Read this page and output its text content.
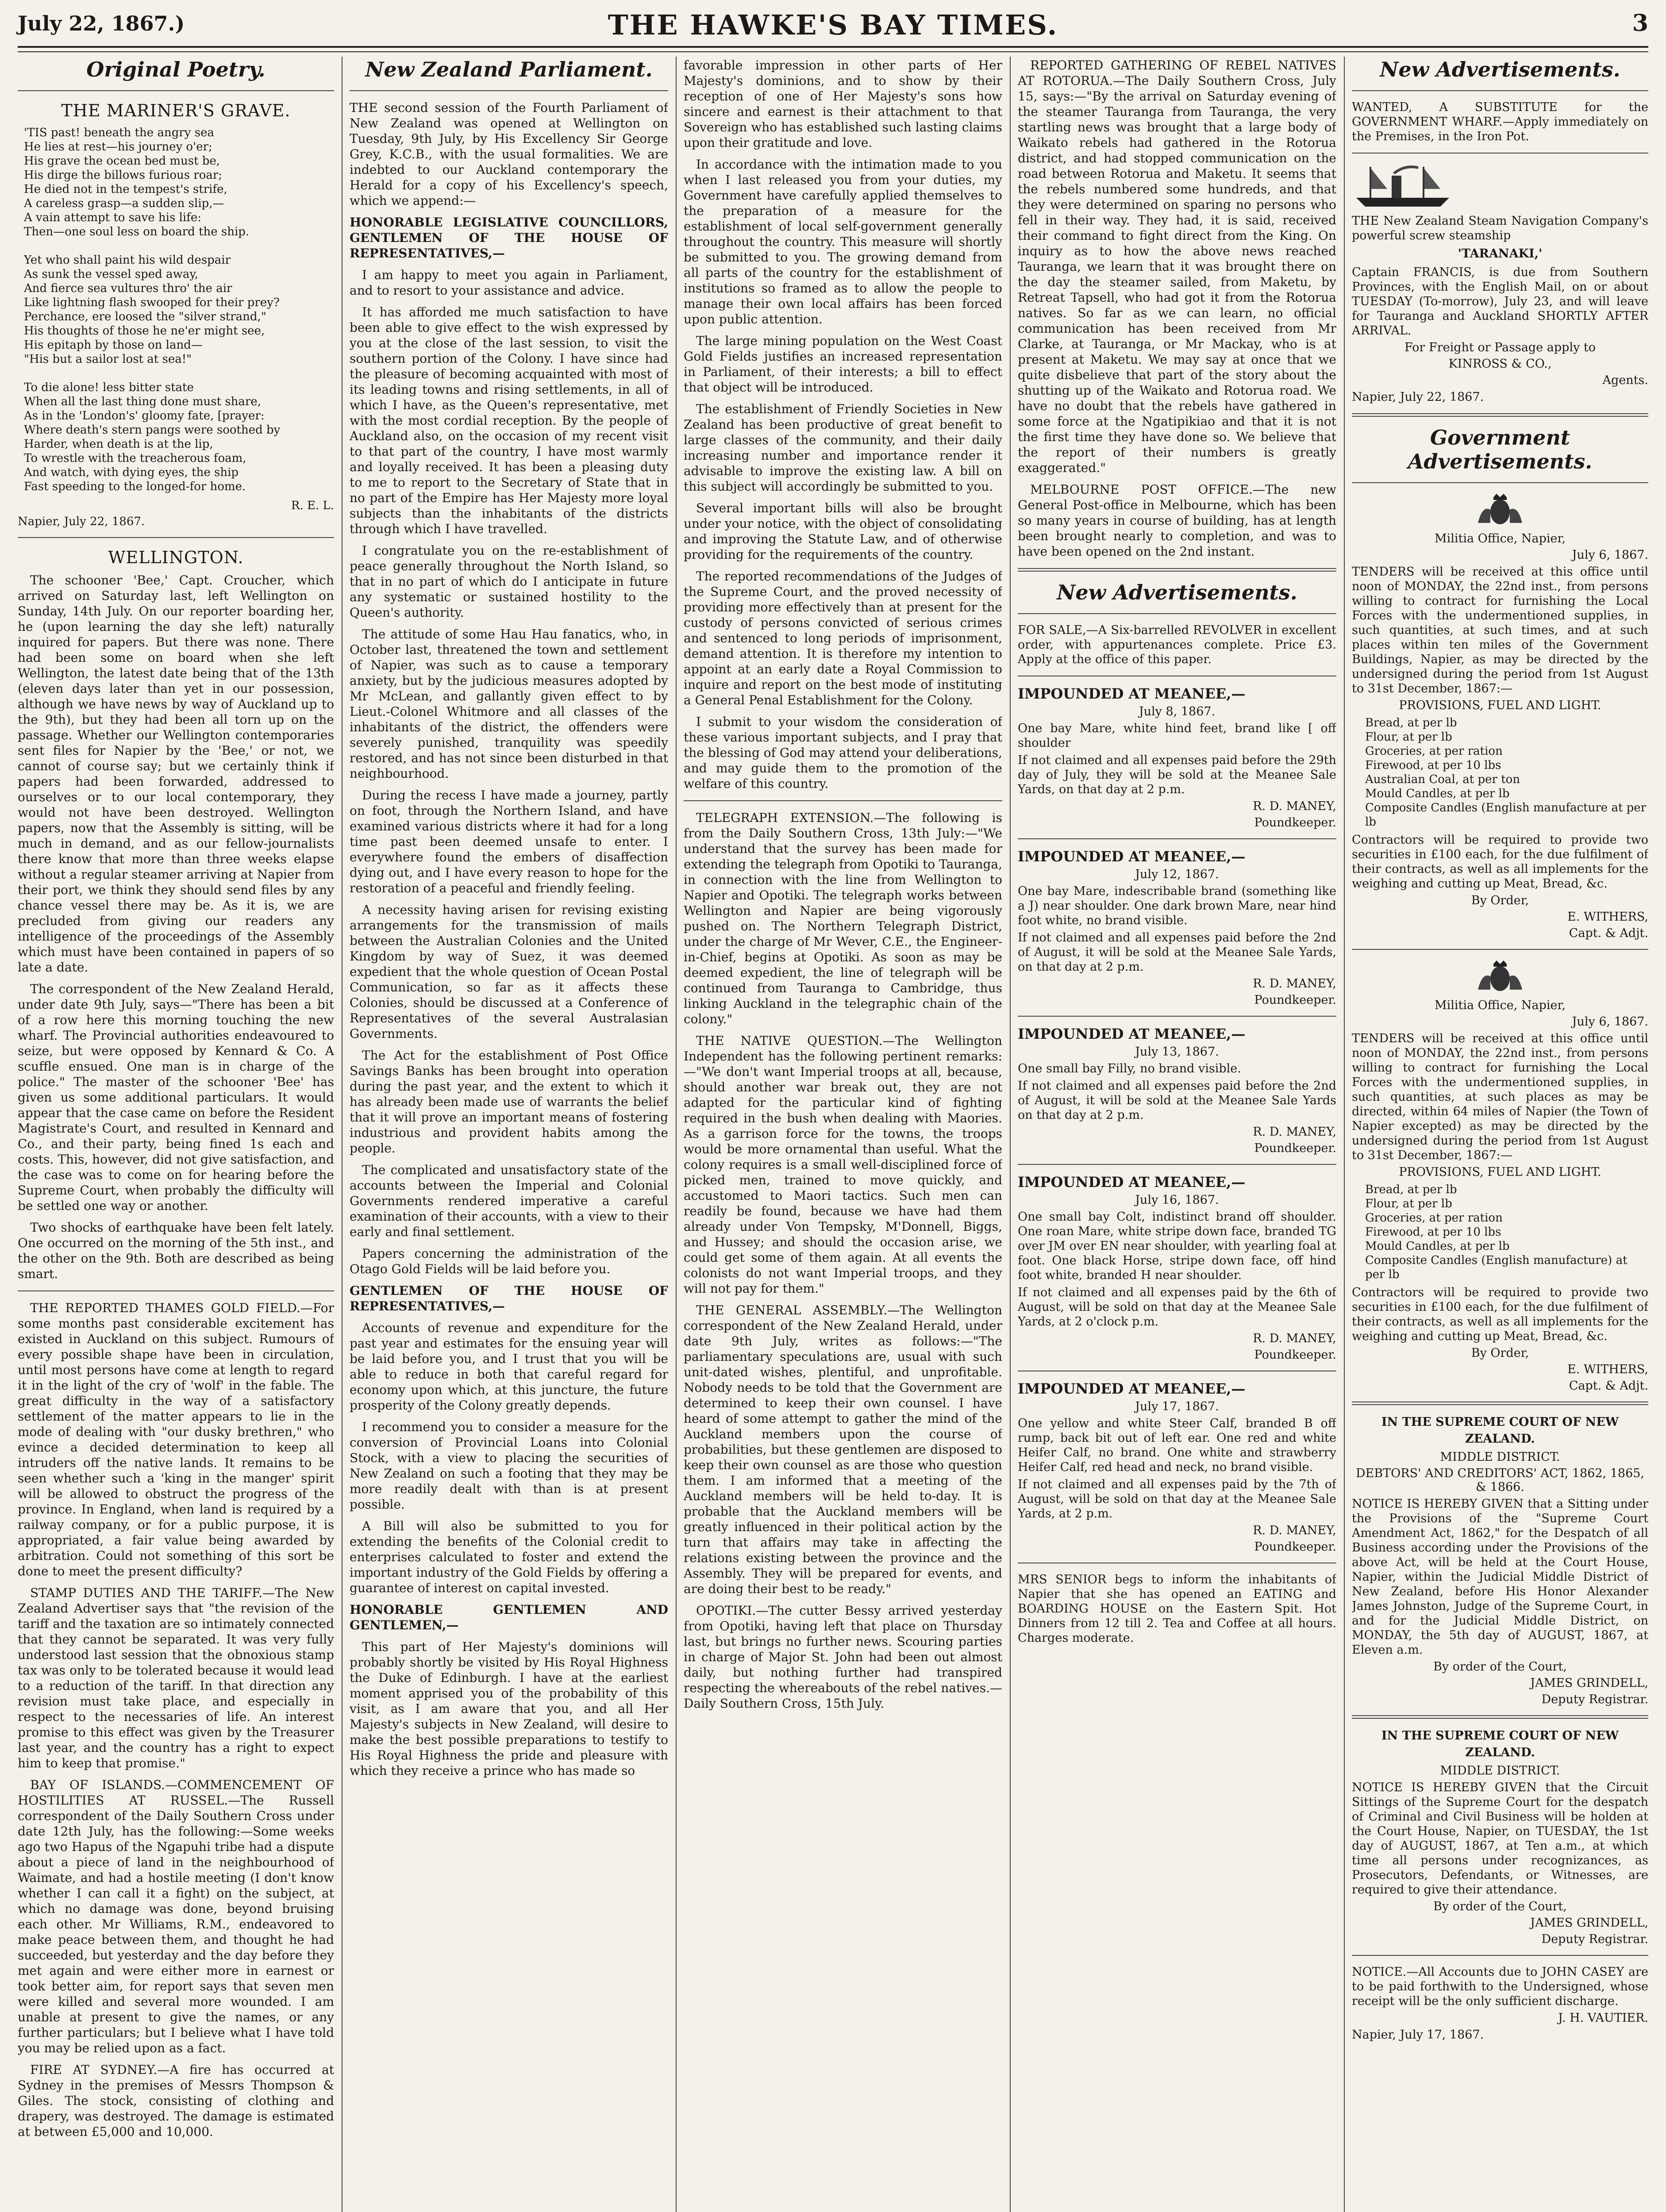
July 22, 1867.)	THE HAWKE'S BAY TIMES.	3
Original Poetry.
THE MARINER'S GRAVE.
'TIS past! beneath the angry sea
He lies at rest—his journey o'er;
His grave the ocean bed must be,
His dirge the billows furious roar;
He died not in the tempest's strife,
A careless grasp—a sudden slip,—
A vain attempt to save his life:
Then—one soul less on board the ship.

Yet who shall paint his wild despair
As sunk the vessel sped away,
And fierce sea vultures thro' the air
Like lightning flash swooped for their prey?
Perchance, ere loosed the "silver strand,"
His thoughts of those he ne'er might see,
His epitaph by those on land—
"His but a sailor lost at sea!"

To die alone! less bitter state
When all the last thing done must share,
As in the 'London's' gloomy fate, [prayer:
Where death's stern pangs were soothed by
Harder, when death is at the lip,
To wrestle with the treacherous foam,
And watch, with dying eyes, the ship
Fast speeding to the longed-for home.
R. E. L.
Napier, July 22, 1867.
WELLINGTON.

The schooner 'Bee,' Capt. Croucher, which arrived on Saturday last, left Wellington on Sunday, 14th July. On our reporter boarding her, he (upon learning the day she left) naturally inquired for papers. But there was none. There had been some on board when she left Wellington, the latest date being that of the 13th (eleven days later than yet in our possession, although we have news by way of Auckland up to the 9th), but they had been all torn up on the passage. Whether our Wellington contemporaries sent files for Napier by the 'Bee,' or not, we cannot of course say; but we certainly think if papers had been forwarded, addressed to ourselves or to our local contemporary, they would not have been destroyed. Wellington papers, now that the Assembly is sitting, will be much in demand, and as our fellow-journalists there know that more than three weeks elapse without a regular steamer arriving at Napier from their port, we think they should send files by any chance vessel there may be. As it is, we are precluded from giving our readers any intelligence of the proceedings of the Assembly which must have been contained in papers of so late a date.

The correspondent of the New Zealand Herald, under date 9th July, says—"There has been a bit of a row here this morning touching the new wharf. The Provincial authorities endeavoured to seize, but were opposed by Kennard & Co. A scuffle ensued. One man is in charge of the police." The master of the schooner 'Bee' has given us some additional particulars. It would appear that the case came on before the Resident Magistrate's Court, and resulted in Kennard and Co., and their party, being fined 1s each and costs. This, however, did not give satisfaction, and the case was to come on for hearing before the Supreme Court, when probably the difficulty will be settled one way or another.

Two shocks of earthquake have been felt lately. One occurred on the morning of the 5th inst., and the other on the 9th. Both are described as being smart.

THE REPORTED THAMES GOLD FIELD.—For some months past considerable excitement has existed in Auckland on this subject. Rumours of every possible shape have been in circulation, until most persons have come at length to regard it in the light of the cry of 'wolf' in the fable. The great difficulty in the way of a satisfactory settlement of the matter appears to lie in the mode of dealing with "our dusky brethren," who evince a decided determination to keep all intruders off the native lands. It remains to be seen whether such a 'king in the manger' spirit will be allowed to obstruct the progress of the province. In England, when land is required by a railway company, or for a public purpose, it is appropriated, a fair value being awarded by arbitration. Could not something of this sort be done to meet the present difficulty?

STAMP DUTIES AND THE TARIFF.—The New Zealand Advertiser says that "the revision of the tariff and the taxation are so intimately connected that they cannot be separated. It was very fully understood last session that the obnoxious stamp tax was only to be tolerated because it would lead to a reduction of the tariff. In that direction any revision must take place, and especially in respect to the necessaries of life. An interest promise to this effect was given by the Treasurer last year, and the country has a right to expect him to keep that promise."

BAY OF ISLANDS.—COMMENCEMENT OF HOSTILITIES AT RUSSEL.—The Russell correspondent of the Daily Southern Cross under date 12th July, has the following:—Some weeks ago two Hapus of the Ngapuhi tribe had a dispute about a piece of land in the neighbourhood of Waimate, and had a hostile meeting (I don't know whether I can call it a fight) on the subject, at which no damage was done, beyond bruising each other. Mr Williams, R.M., endeavored to make peace between them, and thought he had succeeded, but yesterday and the day before they met again and were either more in earnest or took better aim, for report says that seven men were killed and several more wounded. I am unable at present to give the names, or any further particulars; but I believe what I have told you may be relied upon as a fact.

FIRE AT SYDNEY.—A fire has occurred at Sydney in the premises of Messrs Thompson & Giles. The stock, consisting of clothing and drapery, was destroyed. The damage is estimated at between £5,000 and 10,000.

New Zealand Parliament.

THE second session of the Fourth Parliament of New Zealand was opened at Wellington on Tuesday, 9th July, by His Excellency Sir George Grey, K.C.B., with the usual formalities. We are indebted to our Auckland contemporary the Herald for a copy of his Excellency's speech, which we append:—

HONORABLE LEGISLATIVE COUNCILLORS, GENTLEMEN OF THE HOUSE OF REPRESENTATIVES,—

I am happy to meet you again in Parliament, and to resort to your assistance and advice.

It has afforded me much satisfaction to have been able to give effect to the wish expressed by you at the close of the last session, to visit the southern portion of the Colony. I have since had the pleasure of becoming acquainted with most of its leading towns and rising settlements, in all of which I have, as the Queen's representative, met with the most cordial reception. By the people of Auckland also, on the occasion of my recent visit to that part of the country, I have most warmly and loyally received. It has been a pleasing duty to me to report to the Secretary of State that in no part of the Empire has Her Majesty more loyal subjects than the inhabitants of the districts through which I have travelled.

I congratulate you on the re-establishment of peace generally throughout the North Island, so that in no part of which do I anticipate in future any systematic or sustained hostility to the Queen's authority.

The attitude of some Hau Hau fanatics, who, in October last, threatened the town and settlement of Napier, was such as to cause a temporary anxiety, but by the judicious measures adopted by Mr McLean, and gallantly given effect to by Lieut.-Colonel Whitmore and all classes of the inhabitants of the district, the offenders were severely punished, tranquility was speedily restored, and has not since been disturbed in that neighbourhood.

During the recess I have made a journey, partly on foot, through the Northern Island, and have examined various districts where it had for a long time past been deemed unsafe to enter. I everywhere found the embers of disaffection dying out, and I have every reason to hope for the restoration of a peaceful and friendly feeling.

A necessity having arisen for revising existing arrangements for the transmission of mails between the Australian Colonies and the United Kingdom by way of Suez, it was deemed expedient that the whole question of Ocean Postal Communication, so far as it affects these Colonies, should be discussed at a Conference of Representatives of the several Australasian Governments.

The Act for the establishment of Post Office Savings Banks has been brought into operation during the past year, and the extent to which it has already been made use of warrants the belief that it will prove an important means of fostering industrious and provident habits among the people.

The complicated and unsatisfactory state of the accounts between the Imperial and Colonial Governments rendered imperative a careful examination of their accounts, with a view to their early and final settlement.

Papers concerning the administration of the Otago Gold Fields will be laid before you.

GENTLEMEN OF THE HOUSE OF REPRESENTATIVES,—

Accounts of revenue and expenditure for the past year and estimates for the ensuing year will be laid before you, and I trust that you will be able to reduce in both that careful regard for economy upon which, at this juncture, the future prosperity of the Colony greatly depends.

I recommend you to consider a measure for the conversion of Provincial Loans into Colonial Stock, with a view to placing the securities of New Zealand on such a footing that they may be more readily dealt with than is at present possible.

A Bill will also be submitted to you for extending the benefits of the Colonial credit to enterprises calculated to foster and extend the important industry of the Gold Fields by offering a guarantee of interest on capital invested.

HONORABLE GENTLEMEN AND GENTLEMEN,—

This part of Her Majesty's dominions will probably shortly be visited by His Royal Highness the Duke of Edinburgh. I have at the earliest moment apprised you of the probability of this visit, as I am aware that you, and all Her Majesty's subjects in New Zealand, will desire to make the best possible preparations to testify to His Royal Highness the pride and pleasure with which they receive a prince who has made so

favorable impression in other parts of Her Majesty's dominions, and to show by their reception of one of Her Majesty's sons how sincere and earnest is their attachment to that Sovereign who has established such lasting claims upon their gratitude and love.

In accordance with the intimation made to you when I last released you from your duties, my Government have carefully applied themselves to the preparation of a measure for the establishment of local self-government generally throughout the country. This measure will shortly be submitted to you. The growing demand from all parts of the country for the establishment of institutions so framed as to allow the people to manage their own local affairs has been forced upon public attention.

The large mining population on the West Coast Gold Fields justifies an increased representation in Parliament, of their interests; a bill to effect that object will be introduced.

The establishment of Friendly Societies in New Zealand has been productive of great benefit to large classes of the community, and their daily increasing number and importance render it advisable to improve the existing law. A bill on this subject will accordingly be submitted to you.

Several important bills will also be brought under your notice, with the object of consolidating and improving the Statute Law, and of otherwise providing for the requirements of the country.

The reported recommendations of the Judges of the Supreme Court, and the proved necessity of providing more effectively than at present for the custody of persons convicted of serious crimes and sentenced to long periods of imprisonment, demand attention. It is therefore my intention to appoint at an early date a Royal Commission to inquire and report on the best mode of instituting a General Penal Establishment for the Colony.

I submit to your wisdom the consideration of these various important subjects, and I pray that the blessing of God may attend your deliberations, and may guide them to the promotion of the welfare of this country.

TELEGRAPH EXTENSION.—The following is from the Daily Southern Cross, 13th July:—"We understand that the survey has been made for extending the telegraph from Opotiki to Tauranga, in connection with the line from Wellington to Napier and Opotiki. The telegraph works between Wellington and Napier are being vigorously pushed on. The Northern Telegraph District, under the charge of Mr Wever, C.E., the Engineer-in-Chief, begins at Opotiki. As soon as may be deemed expedient, the line of telegraph will be continued from Tauranga to Cambridge, thus linking Auckland in the telegraphic chain of the colony."

THE NATIVE QUESTION.—The Wellington Independent has the following pertinent remarks:—"We don't want Imperial troops at all, because, should another war break out, they are not adapted for the particular kind of fighting required in the bush when dealing with Maories. As a garrison force for the towns, the troops would be more ornamental than useful. What the colony requires is a small well-disciplined force of picked men, trained to move quickly, and accustomed to Maori tactics. Such men can readily be found, because we have had them already under Von Tempsky, M'Donnell, Biggs, and Hussey; and should the occasion arise, we could get some of them again. At all events the colonists do not want Imperial troops, and they will not pay for them."

THE GENERAL ASSEMBLY.—The Wellington correspondent of the New Zealand Herald, under date 9th July, writes as follows:—"The parliamentary speculations are, usual with such unit-dated wishes, plentiful, and unprofitable. Nobody needs to be told that the Government are determined to keep their own counsel. I have heard of some attempt to gather the mind of the Auckland members upon the course of probabilities, but these gentlemen are disposed to keep their own counsel as are those who question them. I am informed that a meeting of the Auckland members will be held to-day. It is probable that the Auckland members will be greatly influenced in their political action by the turn that affairs may take in affecting the relations existing between the province and the Assembly. They will be prepared for events, and are doing their best to be ready."

OPOTIKI.—The cutter Bessy arrived yesterday from Opotiki, having left that place on Thursday last, but brings no further news. Scouring parties in charge of Major St. John had been out almost daily, but nothing further had transpired respecting the whereabouts of the rebel natives.—Daily Southern Cross, 15th July.

REPORTED GATHERING OF REBEL NATIVES AT ROTORUA.—The Daily Southern Cross, July 15, says:—"By the arrival on Saturday evening of the steamer Tauranga from Tauranga, the very startling news was brought that a large body of Waikato rebels had gathered in the Rotorua district, and had stopped communication on the road between Rotorua and Maketu. It seems that the rebels numbered some hundreds, and that they were determined on sparing no persons who fell in their way. They had, it is said, received their command to fight direct from the King. On inquiry as to how the above news reached Tauranga, we learn that it was brought there on the day the steamer sailed, from Maketu, by Retreat Tapsell, who had got it from the Rotorua natives. So far as we can learn, no official communication has been received from Mr Clarke, at Tauranga, or Mr Mackay, who is at present at Maketu. We may say at once that we quite disbelieve that part of the story about the shutting up of the Waikato and Rotorua road. We have no doubt that the rebels have gathered in some force at the Ngatipikiao and that it is not the first time they have done so. We believe that the report of their numbers is greatly exaggerated."

MELBOURNE POST OFFICE.—The new General Post-office in Melbourne, which has been so many years in course of building, has at length been brought nearly to completion, and was to have been opened on the 2nd instant.

New Advertisements.
FOR SALE,—A Six-barrelled REVOLVER in excellent order, with appurtenances complete. Price £3. Apply at the office of this paper.
IMPOUNDED AT MEANEE,—
July 8, 1867.
One bay Mare, white hind feet, brand like [ off shoulder
If not claimed and all expenses paid before the 29th day of July, they will be sold at the Meanee Sale Yards, on that day at 2 p.m.
R. D. MANEY,
Poundkeeper.
IMPOUNDED AT MEANEE,—
July 12, 1867.
One bay Mare, indescribable brand (something like a J) near shoulder. One dark brown Mare, near hind foot white, no brand visible.
If not claimed and all expenses paid before the 2nd of August, it will be sold at the Meanee Sale Yards, on that day at 2 p.m.
R. D. MANEY,
Poundkeeper.
IMPOUNDED AT MEANEE,—
July 13, 1867.
One small bay Filly, no brand visible.
If not claimed and all expenses paid before the 2nd of August, it will be sold at the Meanee Sale Yards on that day at 2 p.m.
R. D. MANEY,
Poundkeeper.
IMPOUNDED AT MEANEE,—
July 16, 1867.
One small bay Colt, indistinct brand off shoulder. One roan Mare, white stripe down face, branded TG over JM over EN near shoulder, with yearling foal at foot. One black Horse, stripe down face, off hind foot white, branded H near shoulder.
If not claimed and all expenses paid by the 6th of August, will be sold on that day at the Meanee Sale Yards, at 2 o'clock p.m.
R. D. MANEY,
Poundkeeper.
IMPOUNDED AT MEANEE,—
July 17, 1867.
One yellow and white Steer Calf, branded B off rump, back bit out of left ear. One red and white Heifer Calf, no brand. One white and strawberry Heifer Calf, red head and neck, no brand visible.
If not claimed and all expenses paid by the 7th of August, will be sold on that day at the Meanee Sale Yards, at 2 p.m.
R. D. MANEY,
Poundkeeper.
MRS SENIOR begs to inform the inhabitants of Napier that she has opened an EATING and BOARDING HOUSE on the Eastern Spit. Hot Dinners from 12 till 2. Tea and Coffee at all hours. Charges moderate.
New Advertisements.
WANTED, A SUBSTITUTE for the GOVERNMENT WHARF.—Apply immediately on the Premises, in the Iron Pot.
THE New Zealand Steam Navigation Company's powerful screw steamship
'TARANAKI,'
Captain FRANCIS, is due from Southern Provinces, with the English Mail, on or about TUESDAY (To-morrow), July 23, and will leave for Tauranga and Auckland SHORTLY AFTER ARRIVAL.
For Freight or Passage apply to
KINROSS & CO.,
Agents.
Napier, July 22, 1867.
Government Advertisements.
Militia Office, Napier,
July 6, 1867.
TENDERS will be received at this office until noon of MONDAY, the 22nd inst., from persons willing to contract for furnishing the Local Forces with the undermentioned supplies, in such quantities, at such times, and at such places within ten miles of the Government Buildings, Napier, as may be directed by the undersigned during the period from 1st August to 31st December, 1867:—
PROVISIONS, FUEL AND LIGHT.
Bread, at per lb
Flour, at per lb
Groceries, at per ration
Firewood, at per 10 lbs
Australian Coal, at per ton
Mould Candles, at per lb
Composite Candles (English manufacture at per lb
Contractors will be required to provide two securities in £100 each, for the due fulfilment of their contracts, as well as all implements for the weighing and cutting up Meat, Bread, &c.
By Order,
E. WITHERS,
Capt. & Adjt.
Militia Office, Napier,
July 6, 1867.
TENDERS will be received at this office until noon of MONDAY, the 22nd inst., from persons willing to contract for furnishing the Local Forces with the undermentioned supplies, in such quantities, at such places as may be directed, within 64 miles of Napier (the Town of Napier excepted) as may be directed by the undersigned during the period from 1st August to 31st December, 1867:—
PROVISIONS, FUEL AND LIGHT.
Bread, at per lb
Flour, at per lb
Groceries, at per ration
Firewood, at per 10 lbs
Mould Candles, at per lb
Composite Candles (English manufacture) at per lb
Contractors will be required to provide two securities in £100 each, for the due fulfilment of their contracts, as well as all implements for the weighing and cutting up Meat, Bread, &c.
By Order,
E. WITHERS,
Capt. & Adjt.
IN THE SUPREME COURT OF NEW ZEALAND.
MIDDLE DISTRICT.
DEBTORS' AND CREDITORS' ACT, 1862, 1865, & 1866.
NOTICE IS HEREBY GIVEN that a Sitting under the Provisions of the "Supreme Court Amendment Act, 1862," for the Despatch of all Business according under the Provisions of the above Act, will be held at the Court House, Napier, within the Judicial Middle District of New Zealand, before His Honor Alexander James Johnston, Judge of the Supreme Court, in and for the Judicial Middle District, on MONDAY, the 5th day of AUGUST, 1867, at Eleven a.m.
By order of the Court,
JAMES GRINDELL,
Deputy Registrar.
IN THE SUPREME COURT OF NEW ZEALAND.
MIDDLE DISTRICT.
NOTICE IS HEREBY GIVEN that the Circuit Sittings of the Supreme Court for the despatch of Criminal and Civil Business will be holden at the Court House, Napier, on TUESDAY, the 1st day of AUGUST, 1867, at Ten a.m., at which time all persons under recognizances, as Prosecutors, Defendants, or Witnesses, are required to give their attendance.
By order of the Court,
JAMES GRINDELL,
Deputy Registrar.
NOTICE.—All Accounts due to JOHN CASEY are to be paid forthwith to the Undersigned, whose receipt will be the only sufficient discharge.
J. H. VAUTIER.
Napier, July 17, 1867.
